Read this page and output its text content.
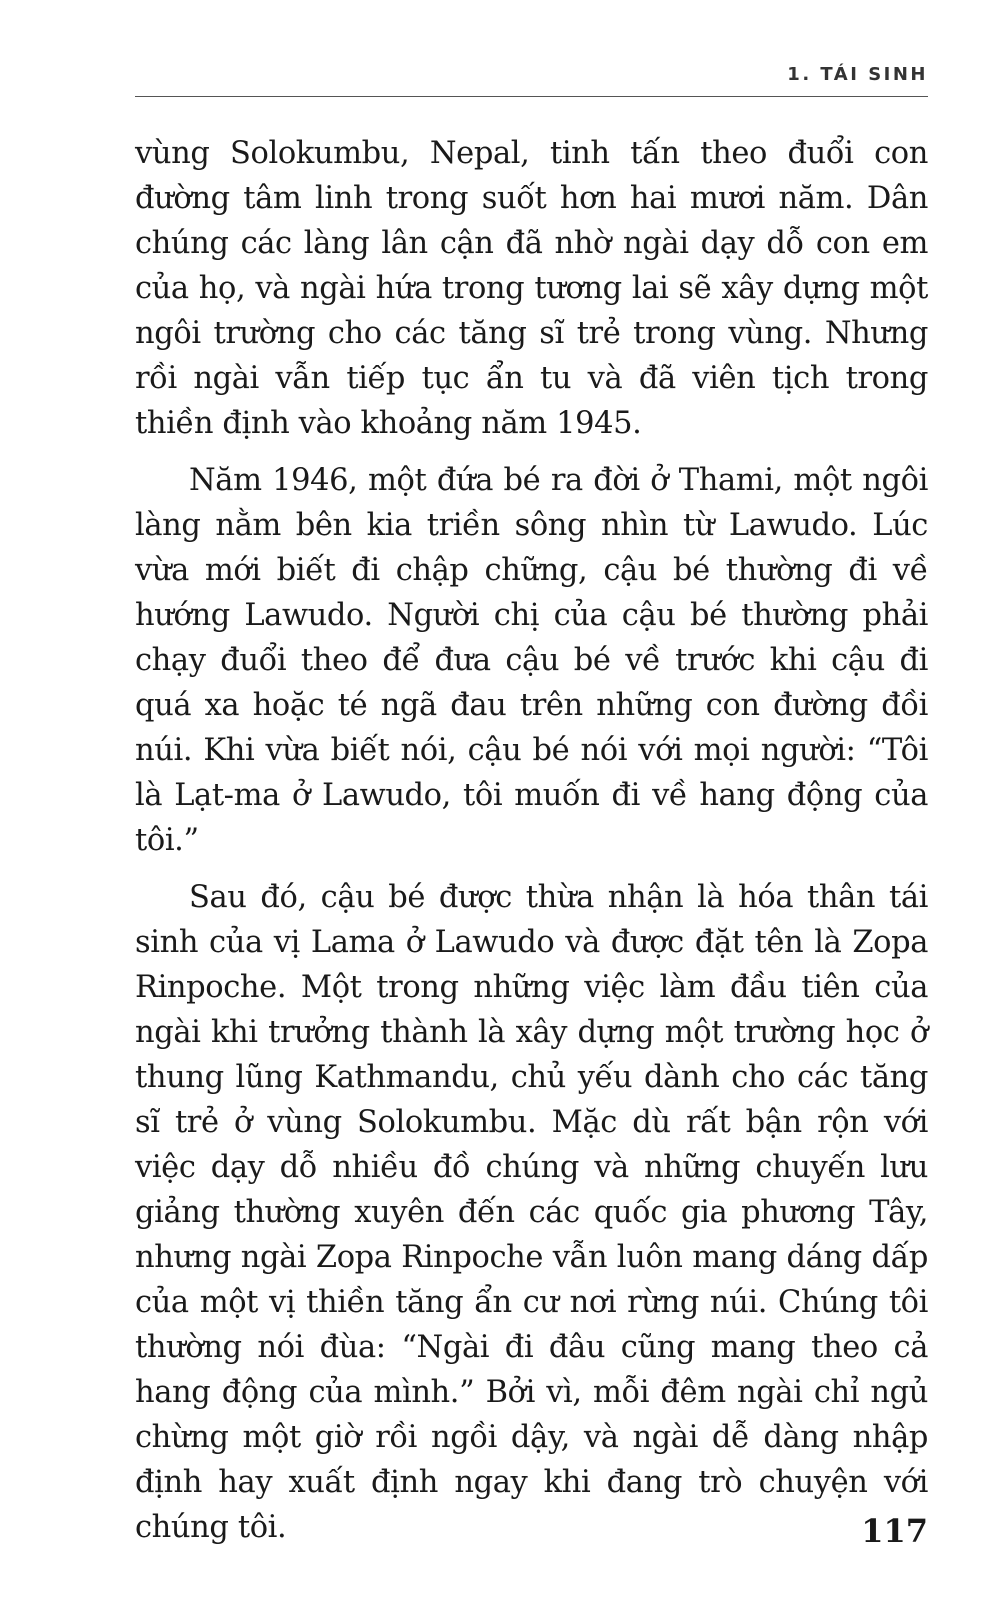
1. TÁI SINH

vùng Solokumbu, Nepal, tinh tấn theo đuổi con đường tâm linh trong suốt hơn hai mươi năm. Dân chúng các làng lân cận đã nhờ ngài dạy dỗ con em của họ, và ngài hứa trong tương lai sẽ xây dựng một ngôi trường cho các tăng sĩ trẻ trong vùng. Nhưng rồi ngài vẫn tiếp tục ẩn tu và đã viên tịch trong thiền định vào khoảng năm 1945.

Năm 1946, một đứa bé ra đời ở Thami, một ngôi làng nằm bên kia triền sông nhìn từ Lawudo. Lúc vừa mới biết đi chập chững, cậu bé thường đi về hướng Lawudo. Người chị của cậu bé thường phải chạy đuổi theo để đưa cậu bé về trước khi cậu đi quá xa hoặc té ngã đau trên những con đường đồi núi. Khi vừa biết nói, cậu bé nói với mọi người: “Tôi là Lạt-ma ở Lawudo, tôi muốn đi về hang động của tôi.”

Sau đó, cậu bé được thừa nhận là hóa thân tái sinh của vị Lama ở Lawudo và được đặt tên là Zopa Rinpoche. Một trong những việc làm đầu tiên của ngài khi trưởng thành là xây dựng một trường học ở thung lũng Kathmandu, chủ yếu dành cho các tăng sĩ trẻ ở vùng Solokumbu. Mặc dù rất bận rộn với việc dạy dỗ nhiều đồ chúng và những chuyến lưu giảng thường xuyên đến các quốc gia phương Tây, nhưng ngài Zopa Rinpoche vẫn luôn mang dáng dấp của một vị thiền tăng ẩn cư nơi rừng núi. Chúng tôi thường nói đùa: “Ngài đi đâu cũng mang theo cả hang động của mình.” Bởi vì, mỗi đêm ngài chỉ ngủ chừng một giờ rồi ngồi dậy, và ngài dễ dàng nhập định hay xuất định ngay khi đang trò chuyện với chúng tôi.	117
